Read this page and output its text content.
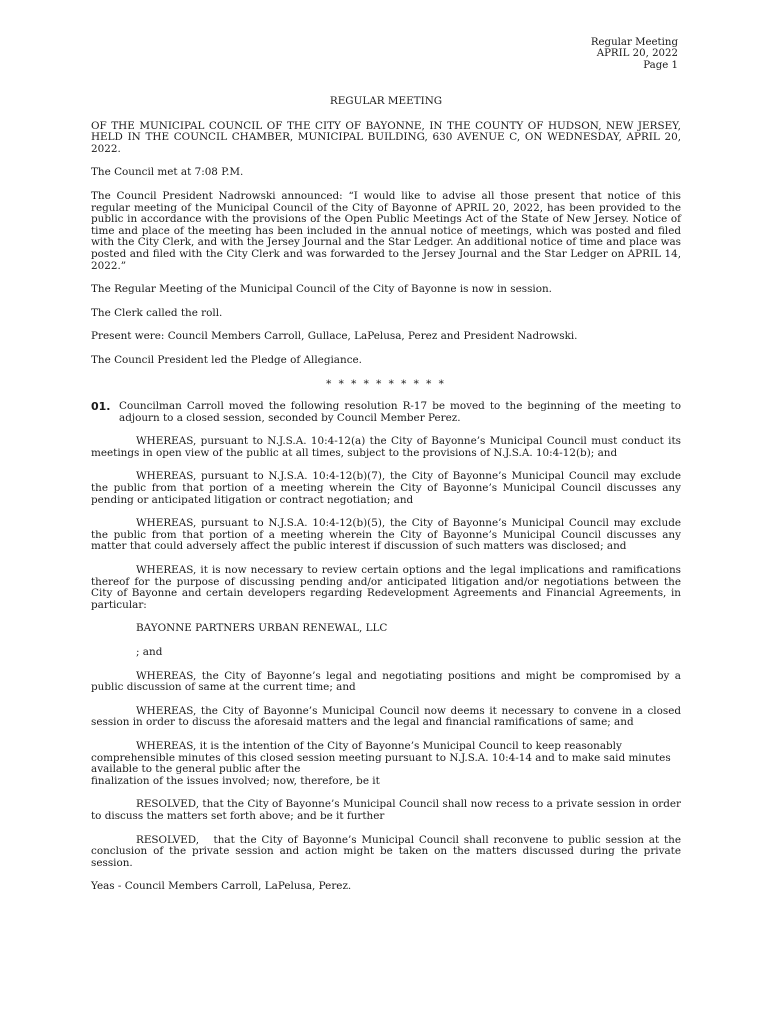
Regular Meeting
APRIL 20, 2022
Page 1
REGULAR MEETING

OF THE MUNICIPAL COUNCIL OF THE CITY OF BAYONNE, IN THE COUNTY OF HUDSON, NEW JERSEY, HELD IN THE COUNCIL CHAMBER, MUNICIPAL BUILDING, 630 AVENUE C, ON WEDNESDAY, APRIL 20, 2022.

The Council met at 7:08 P.M.

The Council President Nadrowski announced: “I would like to advise all those present that notice of this regular meeting of the Municipal Council of the City of Bayonne of APRIL 20, 2022, has been provided to the public in accordance with the provisions of the Open Public Meetings Act of the State of New Jersey. Notice of time and place of the meeting has been included in the annual notice of meetings, which was posted and filed with the City Clerk, and with the Jersey Journal and the Star Ledger. An additional notice of time and place was posted and filed with the City Clerk and was forwarded to the Jersey Journal and the Star Ledger on APRIL 14, 2022.”

The Regular Meeting of the Municipal Council of the City of Bayonne is now in session.

The Clerk called the roll.

Present were: Council Members Carroll, Gullace, LaPelusa, Perez and President Nadrowski.

The Council President led the Pledge of Allegiance.

* * * * * * * * * *
01. Councilman Carroll moved the following resolution R-17 be moved to the beginning of the meeting to adjourn to a closed session, seconded by Council Member Perez.

WHEREAS, pursuant to N.J.S.A. 10:4-12(a) the City of Bayonne’s Municipal Council must conduct its meetings in open view of the public at all times, subject to the provisions of N.J.S.A. 10:4-12(b); and

WHEREAS, pursuant to N.J.S.A. 10:4-12(b)(7), the City of Bayonne’s Municipal Council may exclude the public from that portion of a meeting wherein the City of Bayonne’s Municipal Council discusses any pending or anticipated litigation or contract negotiation; and

WHEREAS, pursuant to N.J.S.A. 10:4-12(b)(5), the City of Bayonne’s Municipal Council may exclude the public from that portion of a meeting wherein the City of Bayonne’s Municipal Council discusses any matter that could adversely affect the public interest if discussion of such matters was disclosed; and

WHEREAS, it is now necessary to review certain options and the legal implications and ramifications thereof for the purpose of discussing pending and/or anticipated litigation and/or negotiations between the City of Bayonne and certain developers regarding Redevelopment Agreements and Financial Agreements, in particular:

BAYONNE PARTNERS URBAN RENEWAL, LLC

; and

WHEREAS, the City of Bayonne’s legal and negotiating positions and might be compromised by a public discussion of same at the current time; and

WHEREAS, the City of Bayonne’s Municipal Council now deems it necessary to convene in a closed session in order to discuss the aforesaid matters and the legal and financial ramifications of same; and

WHEREAS, it is the intention of the City of Bayonne’s Municipal Council to keep reasonably comprehensible minutes of this closed session meeting pursuant to N.J.S.A. 10:4-14 and to make said minutes available to the general public after the

finalization of the issues involved; now, therefore, be it

RESOLVED, that the City of Bayonne’s Municipal Council shall now recess to a private session in order to discuss the matters set forth above; and be it further

RESOLVED,   that the City of Bayonne’s Municipal Council shall reconvene to public session at the conclusion of the private session and action might be taken on the matters discussed during the private session.

Yeas - Council Members Carroll, LaPelusa, Perez.
